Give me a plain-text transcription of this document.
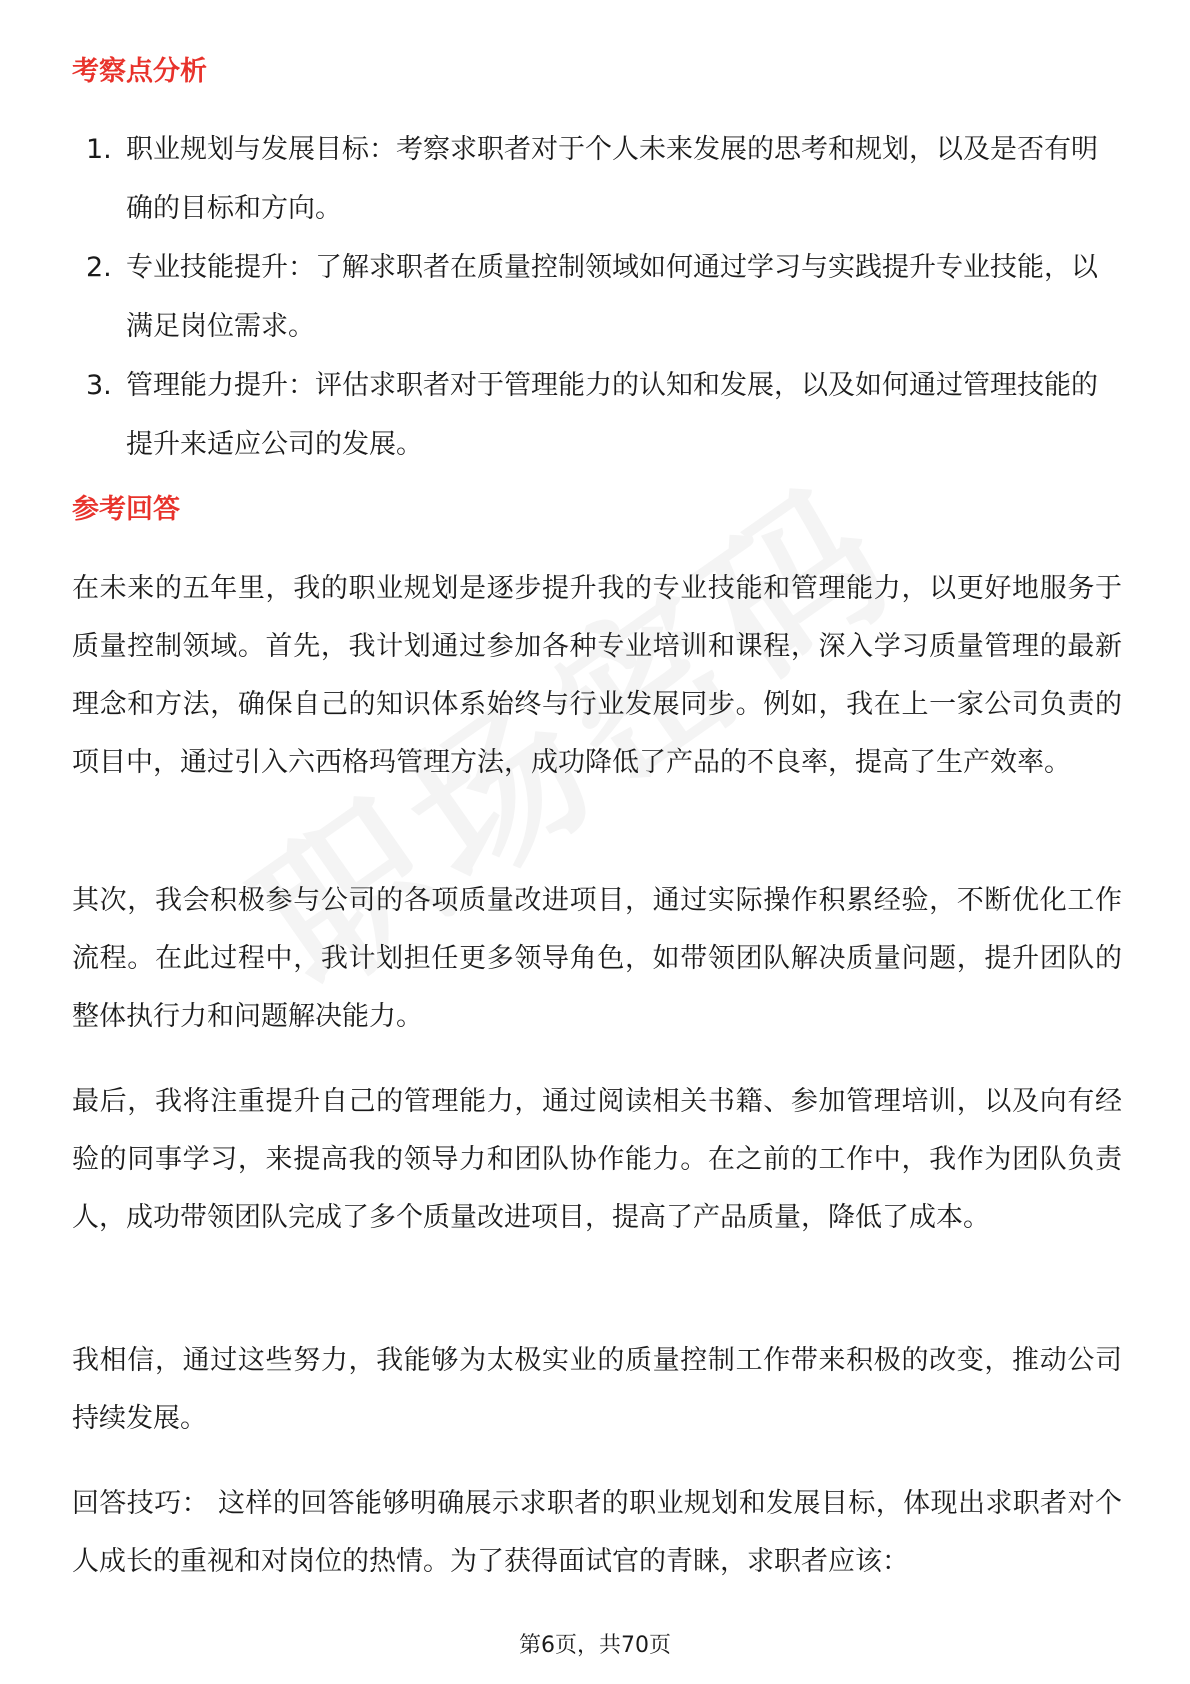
考察点分析
1. 职业规划与发展目标：考察求职者对于个人未来发展的思考和规划，以及是否有明确的目标和方向。
2. 专业技能提升：了解求职者在质量控制领域如何通过学习与实践提升专业技能，以满足岗位需求。
3. 管理能力提升：评估求职者对于管理能力的认知和发展，以及如何通过管理技能的提升来适应公司的发展。
参考回答

在未来的五年里，我的职业规划是逐步提升我的专业技能和管理能力，以更好地服务于质量控制领域。首先，我计划通过参加各种专业培训和课程，深入学习质量管理的最新理念和方法，确保自己的知识体系始终与行业发展同步。例如，我在上一家公司负责的项目中，通过引入六西格玛管理方法，成功降低了产品的不良率，提高了生产效率。

其次，我会积极参与公司的各项质量改进项目，通过实际操作积累经验，不断优化工作流程。在此过程中，我计划担任更多领导角色，如带领团队解决质量问题，提升团队的整体执行力和问题解决能力。

最后，我将注重提升自己的管理能力，通过阅读相关书籍、参加管理培训，以及向有经验的同事学习，来提高我的领导力和团队协作能力。在之前的工作中，我作为团队负责人，成功带领团队完成了多个质量改进项目，提高了产品质量，降低了成本。

我相信，通过这些努力，我能够为太极实业的质量控制工作带来积极的改变，推动公司持续发展。

回答技巧： 这样的回答能够明确展示求职者的职业规划和发展目标，体现出求职者对个人成长的重视和对岗位的热情。为了获得面试官的青睐，求职者应该：

第6页，共70页
